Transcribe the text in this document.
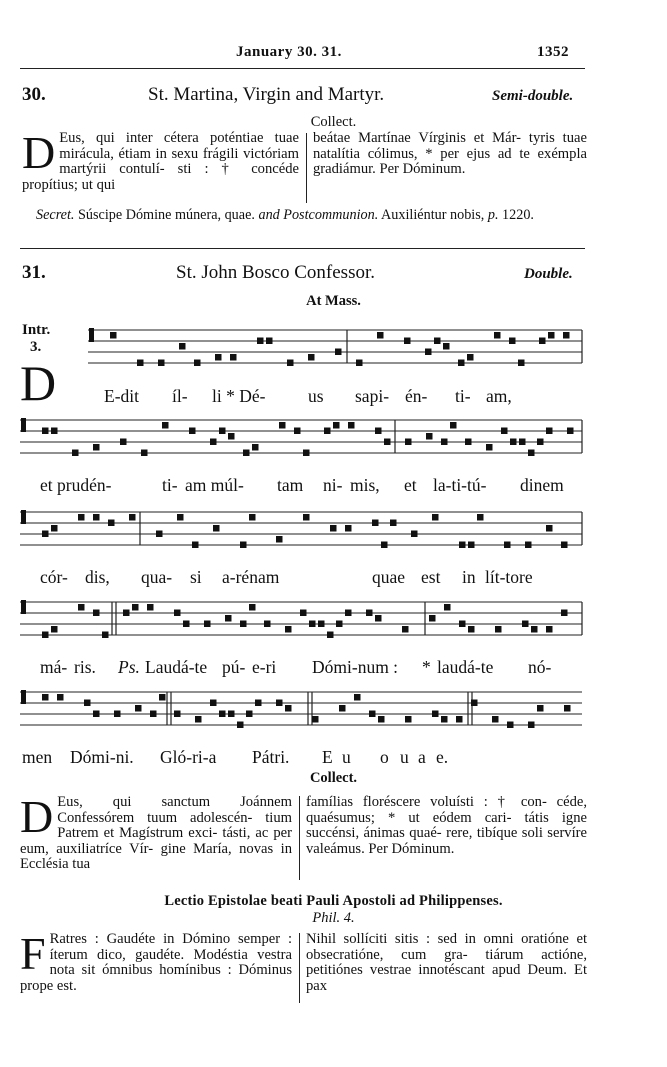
January 30. 31.	1352
30.	St. Martina, Virgin and Martyr.	Semi-double.
Collect.
D Eus, qui inter cétera poténtiae tuae mirácula, étiam in sexu frágili victóriam martýrii contulí- sti : † concéde propítius; ut qui
beátae Martínae Vírginis et Már- tyris tuae natalítia cólimus, * per ejus ad te exémpla gradiámur. Per Dóminum.
Secret. Súscipe Dómine múnera, quae. and Postcommunion. Auxiliéntur nobis, p. 1220.
31.	St. John Bosco Confessor.	Double.
At Mass.
Intr.
3.
D	E-dit íl- li * Dé- us sapi- én- ti- am,
et prudén-	ti- am múl- tam ni- mis, et la-ti-tú- dinem
cór- dis, qua- si a-rénam	quae est in lít-tore
má- ris. Ps. Laudá-te pú- e-ri Dómi-num : * laudá-te nó-
men Dómi-ni. Gló-ri-a Pátri. E u o u a e.
Collect.
D Eus, qui sanctum Joánnem Confessórem tuum adolescén- tium Patrem et Magístrum exci- tásti, ac per eum, auxiliatríce Vír- gine María, novas in Ecclésia tua
famílias floréscere voluísti : † con- céde, quaésumus; * ut eódem cari- tátis igne succénsi, ánimas quaé- rere, tibíque soli servíre valeámus. Per Dóminum.
Lectio Epistolae beati Pauli Apostoli ad Philippenses.
Phil. 4.
F Ratres : Gaudéte in Dómino semper : íterum dico, gaudéte. Modéstia vestra nota sit ómnibus homínibus : Dóminus prope est.
Nihil sollíciti sitis : sed in omni oratióne et obsecratióne, cum gra- tiárum actióne, petitiónes vestrae innotéscant apud Deum. Et pax
